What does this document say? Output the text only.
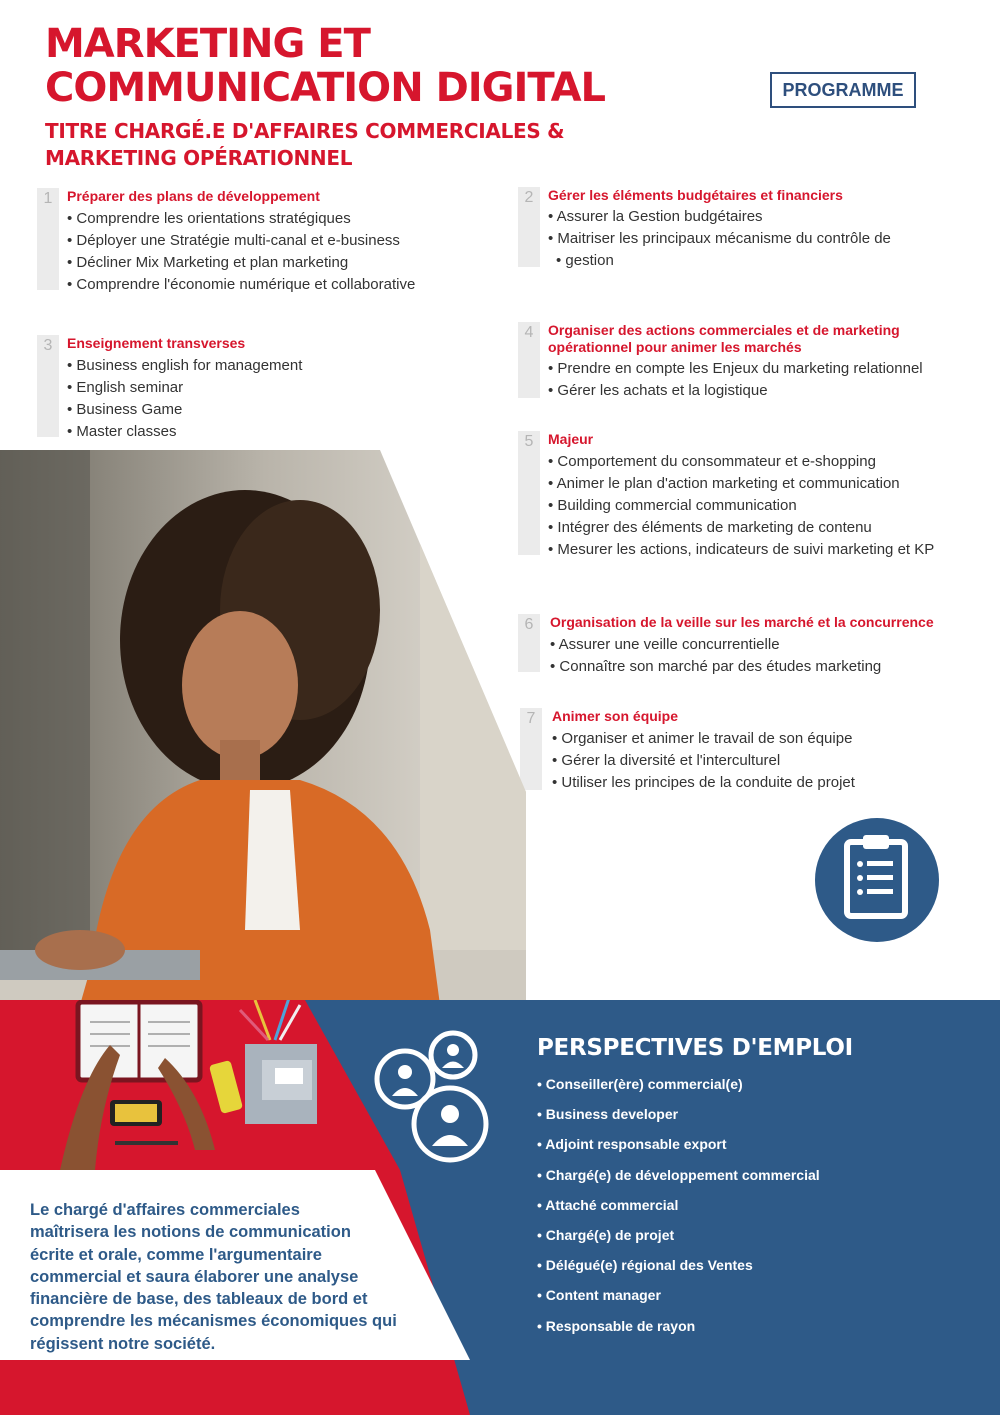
MARKETING ET
COMMUNICATION DIGITAL
TITRE CHARGÉ.E D'AFFAIRES COMMERCIALES &
MARKETING OPÉRATIONNEL
PROGRAMME
1	Préparer des plans de développement
• Comprendre les orientations stratégiques
• Déployer une Stratégie multi-canal et e-business
• Décliner Mix Marketing et plan marketing
• Comprendre l'économie numérique et collaborative
2	Gérer les éléments budgétaires et financiers
• Assurer la Gestion budgétaires
• Maitriser les principaux mécanisme du contrôle de
• gestion
3	Enseignement transverses
• Business english for management
• English seminar
• Business Game
• Master classes
4	Organiser des actions commerciales et de marketing
opérationnel pour animer les marchés
• Prendre en compte les Enjeux du marketing relationnel
• Gérer les achats et la logistique
5	Majeur
• Comportement du consommateur et e-shopping
• Animer le plan d'action marketing et communication
• Building commercial communication
• Intégrer des éléments de marketing de contenu
• Mesurer les actions, indicateurs de suivi marketing et KP
6	Organisation de la veille sur les marché et la concurrence
• Assurer une veille concurrentielle
• Connaître son marché par des études marketing
7	Animer son équipe
• Organiser et animer le travail de son équipe
• Gérer la diversité et l'interculturel
• Utiliser les principes de la conduite de projet
PERSPECTIVES D'EMPLOI
• Conseiller(ère) commercial(e)
• Business developer
• Adjoint responsable export
• Chargé(e) de développement commercial
• Attaché commercial
• Chargé(e) de projet
• Délégué(e) régional des Ventes
• Content manager
• Responsable de rayon

Le chargé d'affaires commerciales
maîtrisera les notions de communication
écrite et orale, comme l'argumentaire
commercial et saura élaborer une analyse
financière de base, des tableaux de bord et
comprendre les mécanismes économiques qui
régissent notre société.
